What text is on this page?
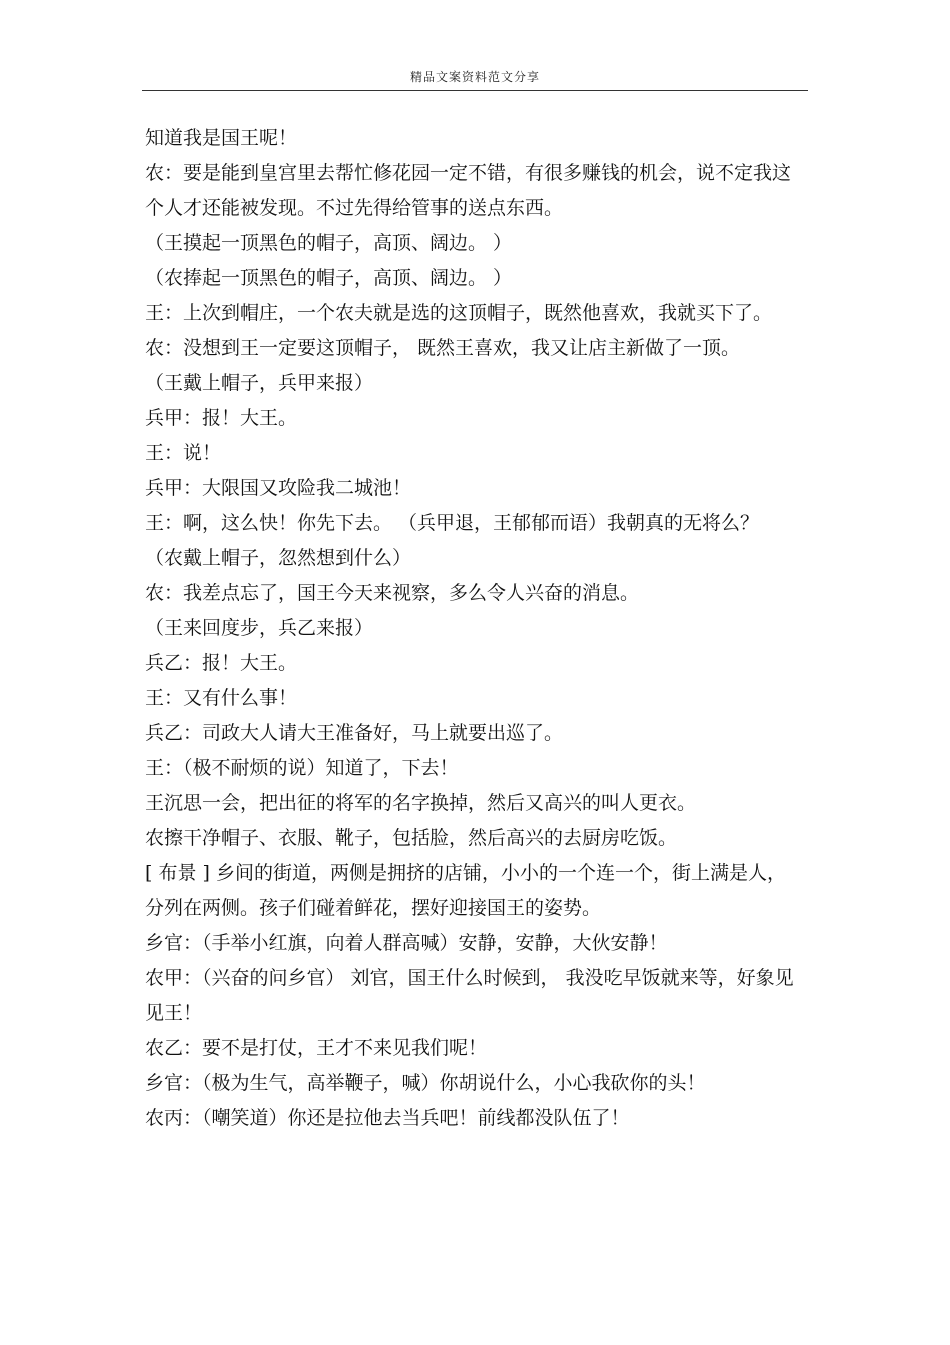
精品文案资料范文分享

知道我是国王呢！

农：要是能到皇宫里去帮忙修花园一定不错，有很多赚钱的机会，说不定我这个人才还能被发现。不过先得给管事的送点东西。

（王摸起一顶黑色的帽子，高顶、阔边。 ）

（农捧起一顶黑色的帽子，高顶、阔边。 ）

王：上次到帽庄，一个农夫就是选的这顶帽子，既然他喜欢，我就买下了。

农：没想到王一定要这顶帽子， 既然王喜欢，我又让店主新做了一顶。

（王戴上帽子，兵甲来报）

兵甲：报！大王。

王：说！

兵甲：大限国又攻险我二城池！

王：啊，这么快！你先下去。 （兵甲退，王郁郁而语）我朝真的无将么？

（农戴上帽子，忽然想到什么）

农：我差点忘了，国王今天来视察，多么令人兴奋的消息。

（王来回度步，兵乙来报）

兵乙：报！大王。

王：又有什么事！

兵乙：司政大人请大王准备好，马上就要出巡了。

王：（极不耐烦的说）知道了，下去！

王沉思一会，把出征的将军的名字换掉，然后又高兴的叫人更衣。

农擦干净帽子、衣服、靴子，包括脸，然后高兴的去厨房吃饭。

[ 布景 ] 乡间的街道，两侧是拥挤的店铺，小小的一个连一个，街上满是人，分列在两侧。孩子们碰着鲜花，摆好迎接国王的姿势。

乡官：（手举小红旗，向着人群高喊）安静，安静，大伙安静！

农甲：（兴奋的问乡官） 刘官，国王什么时候到， 我没吃早饭就来等，好象见见王！

农乙：要不是打仗，王才不来见我们呢！

乡官：（极为生气，高举鞭子，喊）你胡说什么，小心我砍你的头！

农丙：（嘲笑道）你还是拉他去当兵吧！前线都没队伍了！
